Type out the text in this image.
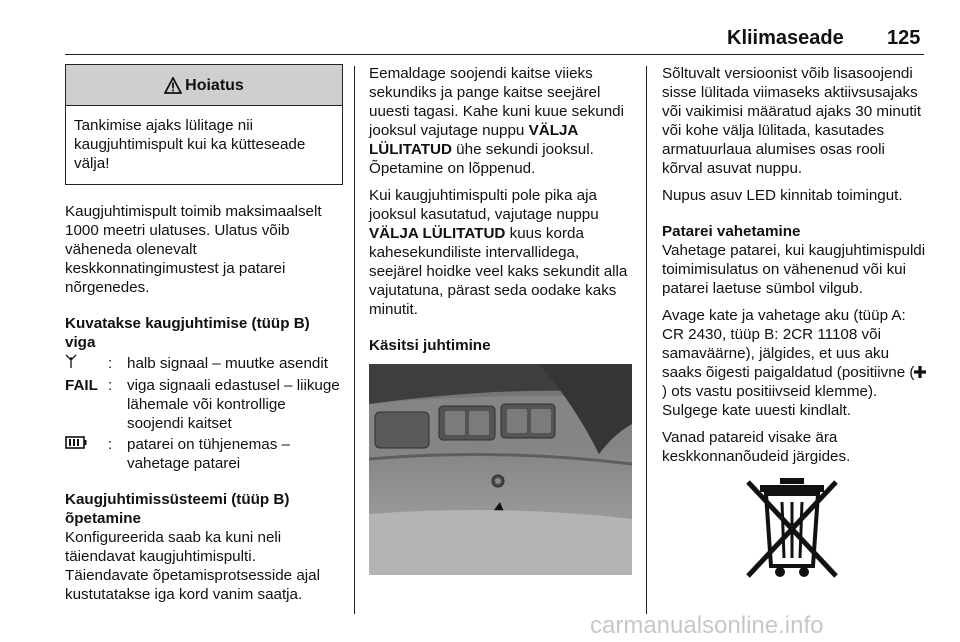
Kliimaseade 125
Hoiatus
Tankimise ajaks lülitage nii kaugjuhtimispult kui ka kütteseade välja!

Kaugjuhtimispult toimib maksimaalselt 1000 meetri ulatuses. Ulatus võib väheneda olenevalt keskkonnatingimustest ja patarei nõrgenedes.

Kuvatakse kaugjuhtimise (tüüp B) viga
: halb signaal – muutke asendit
FAIL : viga signaali edastusel – liikuge lähemale või kontrollige soojendi kaitset
: patarei on tühjenemas – vahetage patarei
Kaugjuhtimissüsteemi (tüüp B) õpetamine

Konfigureerida saab ka kuni neli täiendavat kaugjuhtimispulti.

Täiendavate õpetamisprotsesside ajal kustutatakse iga kord vanim saatja.

Eemaldage soojendi kaitse viieks sekundiks ja pange kaitse seejärel uuesti tagasi. Kahe kuni kuue sekundi jooksul vajutage nuppu VÄLJA LÜLITATUD ühe sekundi jooksul. Õpetamine on lõppenud.

Kui kaugjuhtimispulti pole pika aja jooksul kasutatud, vajutage nuppu VÄLJA LÜLITATUD kuus korda kahesekundiliste intervallidega, seejärel hoidke veel kaks sekundit alla vajutatuna, pärast seda oodake kaks minutit.

Käsitsi juhtimine

Sõltuvalt versioonist võib lisasoojendi sisse lülitada viimaseks aktiivsusajaks või vaikimisi määratud ajaks 30 minutit või kohe välja lülitada, kasutades armatuurlaua alumises osas rooli kõrval asuvat nuppu.

Nupus asuv LED kinnitab toimingut.

Patarei vahetamine

Vahetage patarei, kui kaugjuhtimispuldi toimimisulatus on vähenenud või kui patarei laetuse sümbol vilgub.

Avage kate ja vahetage aku (tüüp A: CR 2430, tüüp B: 2CR 11108 või samaväärne), jälgides, et uus aku saaks õigesti paigaldatud (positiivne () ots vastu positiivseid klemme). Sulgege kate uuesti kindlalt.

Vanad patareid visake ära keskkonnanõudeid järgides.

carmanualsonline.info
